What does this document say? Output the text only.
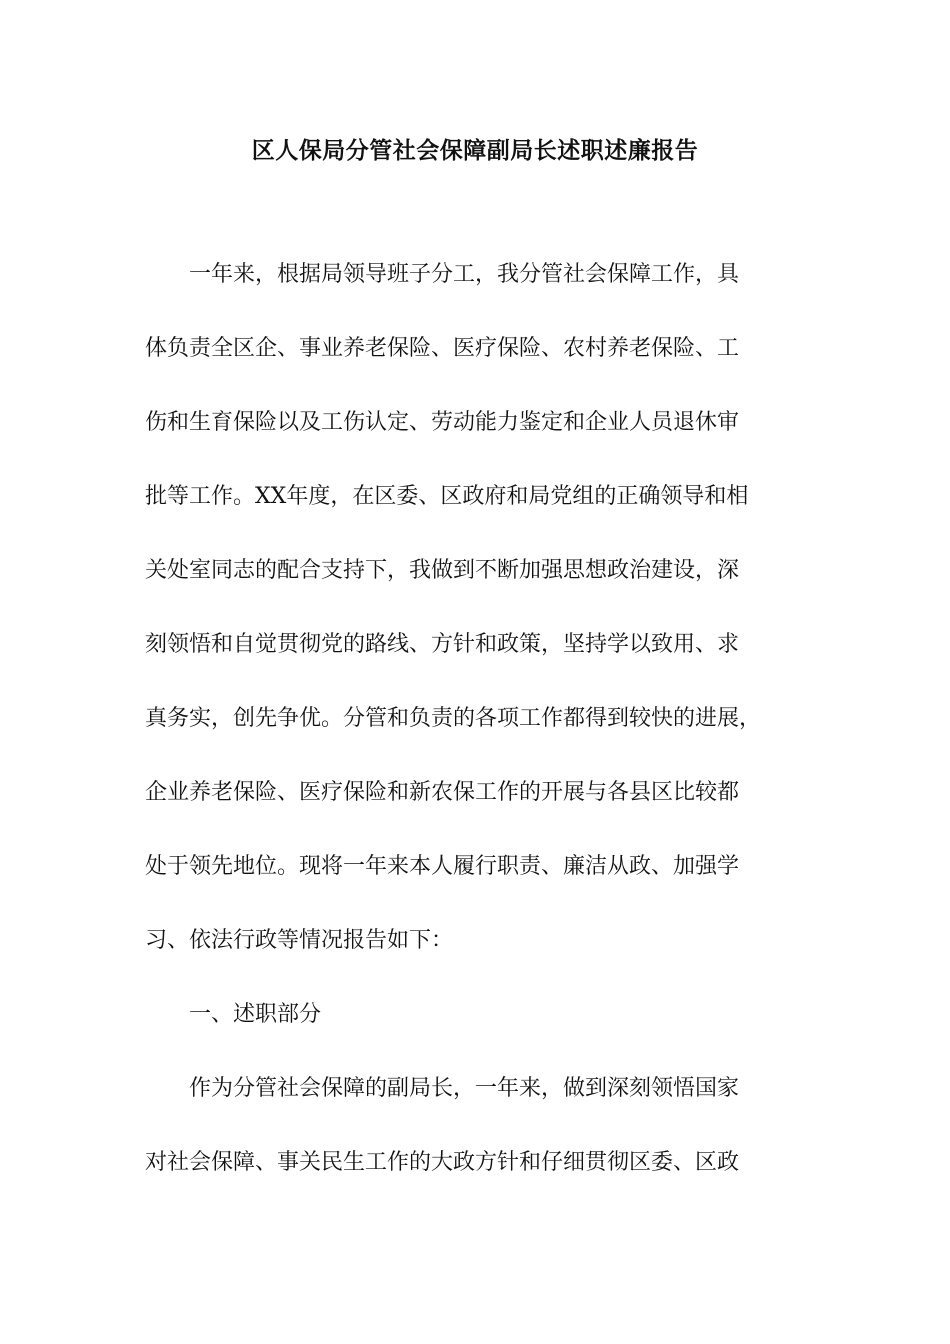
区人保局分管社会保障副局长述职述廉报告
　　一年来，根据局领导班子分工，我分管社会保障工作，具
体负责全区企、事业养老保险、医疗保险、农村养老保险、工
伤和生育保险以及工伤认定、劳动能力鉴定和企业人员退休审
批等工作。XX年度，在区委、区政府和局党组的正确领导和相
关处室同志的配合支持下，我做到不断加强思想政治建设，深
刻领悟和自觉贯彻党的路线、方针和政策，坚持学以致用、求
真务实，创先争优。分管和负责的各项工作都得到较快的进展，
企业养老保险、医疗保险和新农保工作的开展与各县区比较都
处于领先地位。现将一年来本人履行职责、廉洁从政、加强学
习、依法行政等情况报告如下：
　　一、述职部分
　　作为分管社会保障的副局长，一年来，做到深刻领悟国家
对社会保障、事关民生工作的大政方针和仔细贯彻区委、区政
